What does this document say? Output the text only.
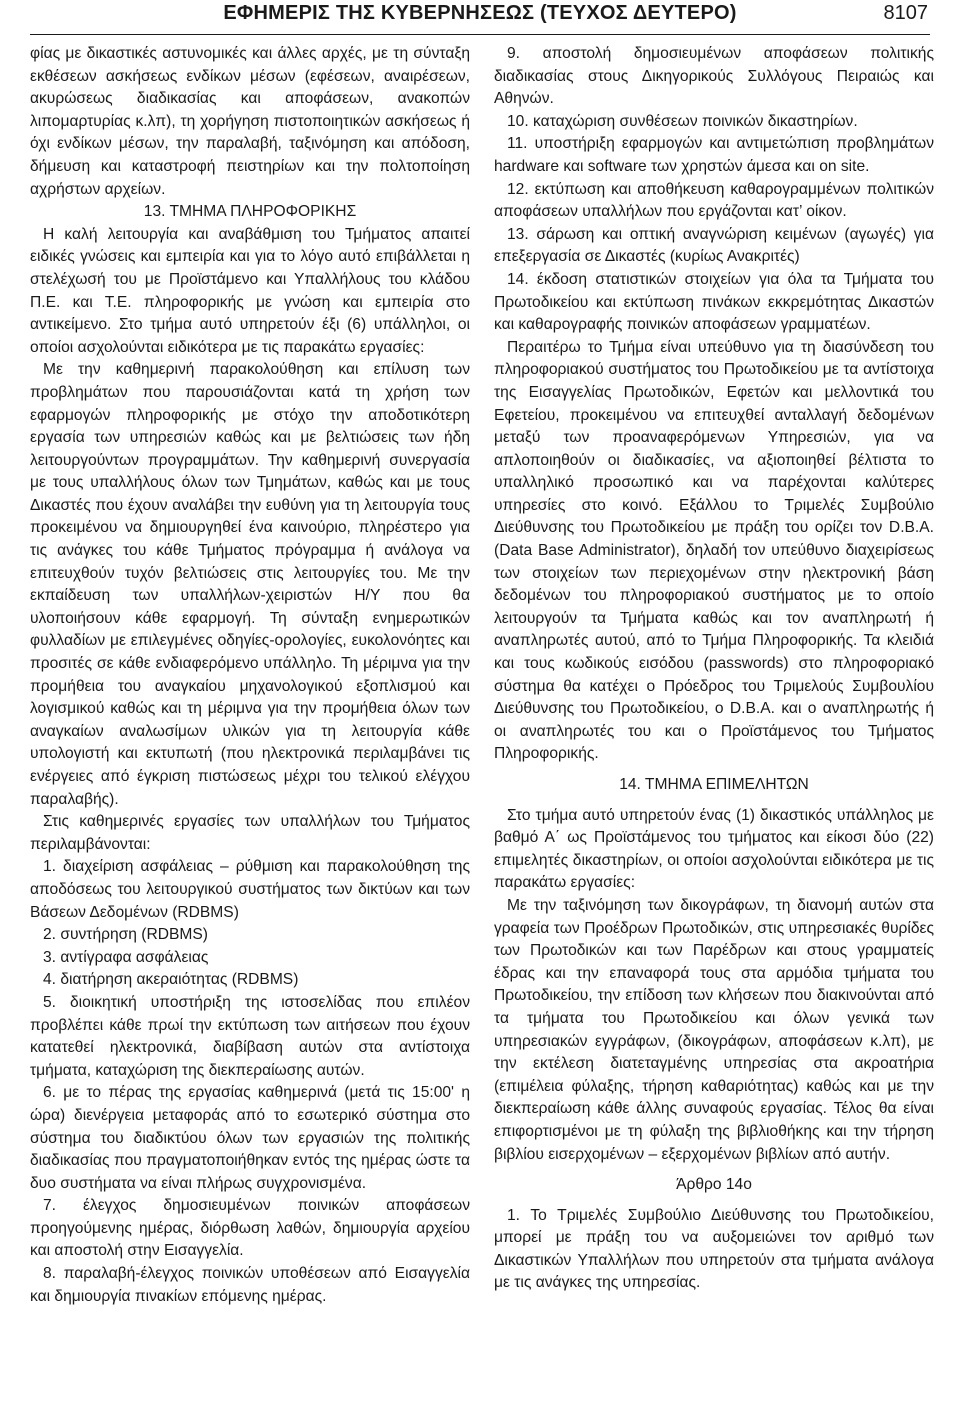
ΕΦΗΜΕΡΙΣ ΤΗΣ ΚΥΒΕΡΝΗΣΕΩΣ (ΤΕΥΧΟΣ ΔΕΥΤΕΡΟ)	8107

φίας με δικαστικές αστυνομικές και άλλες αρχές, με τη σύνταξη εκθέσεων ασκήσεως ενδίκων μέσων (εφέσεων, αναιρέσεων, ακυρώσεως διαδικασίας και αποφάσεων, ανακοπών λιπομαρτυρίας κ.λπ), τη χορήγηση πιστοποιητικών ασκήσεως ή όχι ενδίκων μέσων, την παραλαβή, ταξινόμηση και απόδοση, δήμευση και καταστροφή πειστηρίων και την πολτοποίηση αχρήστων αρχείων.

13. ΤΜΗΜΑ ΠΛΗΡΟΦΟΡΙΚΗΣ

Η καλή λειτουργία και αναβάθμιση του Τμήματος απαιτεί ειδικές γνώσεις και εμπειρία και για το λόγο αυτό επιβάλλεται η στελέχωσή του με Προϊστάμενο και Υπαλλήλους του κλάδου Π.Ε. και Τ.Ε. πληροφορικής με γνώση και εμπειρία στο αντικείμενο. Στο τμήμα αυτό υπηρετούν έξι (6) υπάλληλοι, οι οποίοι ασχολούνται ειδικότερα με τις παρακάτω εργασίες:

Με την καθημερινή παρακολούθηση και επίλυση των προβλημάτων που παρουσιάζονται κατά τη χρήση των εφαρμογών πληροφορικής με στόχο την αποδοτικότερη εργασία των υπηρεσιών καθώς και με βελτιώσεις των ήδη λειτουργούντων προγραμμάτων. Την καθημερινή συνεργασία με τους υπαλλήλους όλων των Τμημάτων, καθώς και με τους Δικαστές που έχουν αναλάβει την ευθύνη για τη λειτουργία τους προκειμένου να δημιουργηθεί ένα καινούριο, πληρέστερο για τις ανάγκες του κάθε Τμήματος πρόγραμμα ή ανάλογα να επιτευχθούν τυχόν βελτιώσεις στις λειτουργίες του. Με την εκπαίδευση των υπαλλήλων-χειριστών Η/Υ που θα υλοποιήσουν κάθε εφαρμογή. Τη σύνταξη ενημερωτικών φυλλαδίων με επιλεγμένες οδηγίες-ορολογίες, ευκολονόητες και προσιτές σε κάθε ενδιαφερόμενο υπάλληλο. Τη μέριμνα για την προμήθεια του αναγκαίου μηχανολογικού εξοπλισμού και λογισμικού καθώς και τη μέριμνα για την προμήθεια όλων των αναγκαίων αναλωσίμων υλικών για τη λειτουργία κάθε υπολογιστή και εκτυπωτή (που ηλεκτρονικά περιλαμβάνει τις ενέργειες από έγκριση πιστώσεως μέχρι του τελικού ελέγχου παραλαβής).

Στις καθημερινές εργασίες των υπαλλήλων του Τμήματος περιλαμβάνονται:

1. διαχείριση ασφάλειας – ρύθμιση και παρακολούθηση της αποδόσεως του λειτουργικού συστήματος των δικτύων και των Βάσεων Δεδομένων (RDBMS)

2. συντήρηση (RDBMS)

3. αντίγραφα ασφάλειας

4. διατήρηση ακεραιότητας (RDBMS)

5. διοικητική υποστήριξη της ιστοσελίδας που επιλέον προβλέπει κάθε πρωί την εκτύπωση των αιτήσεων που έχουν κατατεθεί ηλεκτρονικά, διαβίβαση αυτών στα αντίστοιχα τμήματα, καταχώριση της διεκπεραίωσης αυτών.

6. με το πέρας της εργασίας καθημερινά (μετά τις 15:00' η ώρα) διενέργεια μεταφοράς από το εσωτερικό σύστημα στο σύστημα του διαδικτύου όλων των εργασιών της πολιτικής διαδικασίας που πραγματοποιήθηκαν εντός της ημέρας ώστε τα δυο συστήματα να είναι πλήρως συγχρονισμένα.

7. έλεγχος δημοσιευμένων ποινικών αποφάσεων προηγούμενης ημέρας, διόρθωση λαθών, δημιουργία αρχείου και αποστολή στην Εισαγγελία.

8. παραλαβή-έλεγχος ποινικών υποθέσεων από Εισαγγελία και δημιουργία πινακίων επόμενης ημέρας.

9. αποστολή δημοσιευμένων αποφάσεων πολιτικής διαδικασίας στους Δικηγορικούς Συλλόγους Πειραιώς και Αθηνών.

10. καταχώριση συνθέσεων ποινικών δικαστηρίων.

11. υποστήριξη εφαρμογών και αντιμετώπιση προβλημάτων hardware και software των χρηστών άμεσα και on site.

12. εκτύπωση και αποθήκευση καθαρογραμμένων πολιτικών αποφάσεων υπαλλήλων που εργάζονται κατ’ οίκον.

13. σάρωση και οπτική αναγνώριση κειμένων (αγωγές) για επεξεργασία σε Δικαστές (κυρίως Ανακριτές)

14. έκδοση στατιστικών στοιχείων για όλα τα Τμήματα του Πρωτοδικείου και εκτύπωση πινάκων εκκρεμότητας Δικαστών και καθαρογραφής ποινικών αποφάσεων γραμματέων.

Περαιτέρω το Τμήμα είναι υπεύθυνο για τη διασύνδεση του πληροφοριακού συστήματος του Πρωτοδικείου με τα αντίστοιχα της Εισαγγελίας Πρωτοδικών, Εφετών και μελλοντικά του Εφετείου, προκειμένου να επιτευχθεί ανταλλαγή δεδομένων μεταξύ των προαναφερόμενων Υπηρεσιών, για να απλοποιηθούν οι διαδικασίες, να αξιοποιηθεί βέλτιστα το υπαλληλικό προσωπικό και να παρέχονται καλύτερες υπηρεσίες στο κοινό. Εξάλλου το Τριμελές Συμβούλιο Διεύθυνσης του Πρωτοδικείου με πράξη του ορίζει τον D.B.A. (Data Base Administrator), δηλαδή τον υπεύθυνο διαχειρίσεως των στοιχείων των περιεχομένων στην ηλεκτρονική βάση δεδομένων του πληροφοριακού συστήματος με το οποίο λειτουργούν τα Τμήματα καθώς και τον αναπληρωτή ή αναπληρωτές αυτού, από το Τμήμα Πληροφορικής. Τα κλειδιά και τους κωδικούς εισόδου (passwords) στο πληροφοριακό σύστημα θα κατέχει ο Πρόεδρος του Τριμελούς Συμβουλίου Διεύθυνσης του Πρωτοδικείου, ο D.B.A. και ο αναπληρωτής ή οι αναπληρωτές του και ο Προϊστάμενος του Τμήματος Πληροφορικής.

14. ΤΜΗΜΑ ΕΠΙΜΕΛΗΤΩΝ

Στο τμήμα αυτό υπηρετούν ένας (1) δικαστικός υπάλληλος με βαθμό Α΄ ως Προϊστάμενος του τμήματος και είκοσι δύο (22) επιμελητές δικαστηρίων, οι οποίοι ασχολούνται ειδικότερα με τις παρακάτω εργασίες:

Με την ταξινόμηση των δικογράφων, τη διανομή αυτών στα γραφεία των Προέδρων Πρωτοδικών, στις υπηρεσιακές θυρίδες των Πρωτοδικών και των Παρέδρων και στους γραμματείς έδρας και την επαναφορά τους στα αρμόδια τμήματα του Πρωτοδικείου, την επίδοση των κλήσεων που διακινούνται από τα τμήματα του Πρωτοδικείου και όλων γενικά των υπηρεσιακών εγγράφων, (δικογράφων, αποφάσεων κ.λπ), με την εκτέλεση διατεταγμένης υπηρεσίας στα ακροατήρια (επιμέλεια φύλαξης, τήρηση καθαριότητας) καθώς και με την διεκπεραίωση κάθε άλλης συναφούς εργασίας. Τέλος θα είναι επιφορτισμένοι με τη φύλαξη της βιβλιοθήκης και την τήρηση βιβλίου εισερχομένων – εξερχομένων βιβλίων από αυτήν.

Άρθρο 14ο

1. Το Τριμελές Συμβούλιο Διεύθυνσης του Πρωτοδικείου, μπορεί με πράξη του να αυξομειώνει τον αριθμό των Δικαστικών Υπαλλήλων που υπηρετούν στα τμήματα ανάλογα με τις ανάγκες της υπηρεσίας.
